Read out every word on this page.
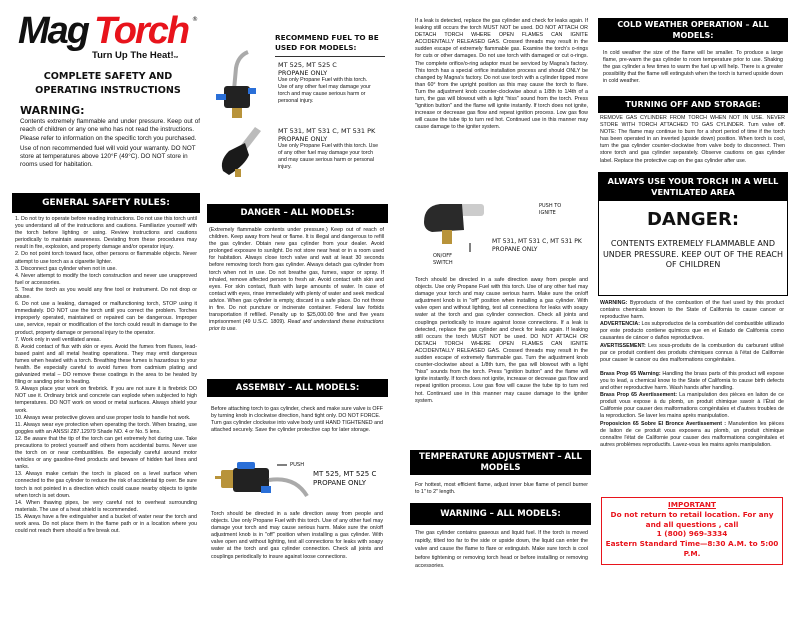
Mag Torch ®
Turn Up The Heat!TM
COMPLETE SAFETY AND OPERATING INSTRUCTIONS
WARNING:

Contents extremely flammable and under pressure. Keep out of reach of children or any one who has not read the instructions.

Please refer to information on the specific torch you purchased.

Use of non recommended fuel will void your warranty. DO NOT store at temperatures above 120°F (49°C). DO NOT store in rooms used for habitation.

GENERAL SAFETY RULES:

1. Do not try to operate before reading instructions. Do not use this torch until you understand all of the instructions and cautions. Familiarize yourself with the torch before lighting or using. Review instructions and cautions periodically to maintain awareness. Deviating from these procedures may result in fire, explosion, and property damage and/or operator injury.

2. Do not point torch toward face, other persons or flammable objects. Never attempt to use torch as a cigarette lighter.

3. Disconnect gas cylinder when not in use.

4. Never attempt to modify the torch construction and never use unapproved fuel or accessories.

5. Treat the torch as you would any fine tool or instrument. Do not drop or abuse.

6. Do not use a leaking, damaged or malfunctioning torch, STOP using it immediately. DO NOT use the torch until you correct the problem. Torches improperly operated, maintained or repaired can be dangerous. Improper use, service, repair or modification of the torch could result in damage to the product, property damage or personal injury to the operator.

7. Work only in well ventilated areas.

8. Avoid contact of flux with skin or eyes. Avoid the fumes from fluxes, lead-based paint and all metal heating operations. They may emit dangerous fumes when heated with a torch. Breathing these fumes is hazardous to your health. Be especially careful to avoid fumes from cadmium plating and galvanized metal – DO remove these coatings in the area to be heated by filing or sanding prior to heating.

9. Always place your work on firebrick. If you are not sure it is firebrick DO NOT use it. Ordinary brick and concrete can explode when subjected to high temperatures. DO NOT work on wood or metal surfaces. Always shield your work.

10. Always wear protective gloves and use proper tools to handle hot work.

11. Always wear eye protection when operating the torch. When brazing, use goggles with an ANSSI Z87.12979 Shade NO. 4 or No. 5 lens.

12. Be aware that the tip of the torch can get extremely hot during use. Take precautions to protect yourself and others from accidental burns. Never use the torch on or near combustibles. Be especially careful around motor vehicles or any gasoline-fired products and beware of hidden fuel lines and tanks.

13. Always make certain the torch is placed on a level surface when connected to the gas cylinder to reduce the risk of accidental tip over. Be sure torch is not pointed in a direction which could cause nearby objects to ignite when torch is set down.

14. When thawing pipes, be very careful not to overheat surrounding materials. The use of a heat shield is recommended.

15. Always have a fire extinguisher and a bucket of water near the torch and work area. Do not place them in the flame path or in a location where you could not reach them should a fire break out.

RECOMMEND FUEL TO BE USED FOR MODELS:
MT 525, MT 525 C
PROPANE ONLY
Use only Propane Fuel with this torch. Use of any other fuel may damage your torch and may cause serious harm or personal injury.
MT 531, MT 531 C, MT 531 PK
PROPANE ONLY
Use only Propane Fuel with this torch. Use of any other fuel may damage your torch and may cause serious harm or personal injury.
DANGER – ALL MODELS:
(Extremely flammable contents under pressure.) Keep out of reach of children. Keep away from heat or flame. It is illegal and dangerous to refill the gas cylinder. Obtain new gas cylinder from your dealer. Avoid prolonged exposure to sunlight. Do not store near heat or in a room used for habitation. Always close torch valve and wait at least 30 seconds before removing torch from gas cylinder. Always detach gas cylinder from torch when not in use. Do not breathe gas, fumes, vapor or spray. If inhaled, remove affected person to fresh air. Avoid contact with skin and eyes. For skin contact, flush with large amounts of water. In case of contact with eyes, rinse immediately with plenty of water and seek medical advice. When gas cylinder is empty, discard in a safe place. Do not throw in fire. Do not puncture or incinerate container. Federal law forbids transportation if refilled. Penalty up to $25,000.00 fine and five years imprisonment (49 U.S.C. 1809). Read and understand these instructions prior to use.
ASSEMBLY – ALL MODELS:

Before attaching torch to gas cylinder, check and make sure valve is OFF by turning knob in clockwise direction, hand tight only. DO NOT FORCE.

Turn gas cylinder clockwise into valve body until HAND TIGHTENED and attached securely. Save the cylinder protective cap for later storage.

PUSH
MT 525, MT 525 C
PROPANE ONLY
Torch should be directed in a safe direction away from people and objects. Use only Propane Fuel with this torch. Use of any other fuel may damage your torch and may cause serious harm. Make sure the on/off adjustment knob is in "off" position when installing a gas cylinder. With valve open and without lighting, test all connections for leaks with soapy water at the torch and gas cylinder connection. Check all joints and couplings periodically to insure against loose connections.
If a leak is detected, replace the gas cylinder and check for leaks again. If leaking still occurs the torch MUST NOT be used. DO NOT ATTACH OR DETACH TORCH WHERE OPEN FLAMES CAN IGNITE ACCIDENTALLY RELEASED GAS. Crossed threads may result in the sudden escape of extremely flammable gas. Examine the torch's o-rings for cuts or other damages. Do not use torch with damaged or cut o-rings. The complete orifice/o-ring adaptor must be serviced by Magna's factory. This torch has a special orifice installation process and should ONLY be changed by Magna's factory. Do not use torch with a cylinder tipped more than 60° from the upright position as this may cause the torch to flare. Turn the adjustment knob counter-clockwise about a 1/8th to 1/4th of a turn, the gas will blowout with a light "hiss" sound from the torch. Press "ignition button" and the flame will ignite instantly. If torch does not ignite, increase or decrease gas flow and repeat ignition process. Low gas flow will cause the tube tip to turn red hot. Continued use in this manner may cause damage to the igniter system.
PUSH TO IGNITE
ON/OFF SWITCH
MT 531, MT 531 C, MT 531 PK
PROPANE ONLY
Torch should be directed in a safe direction away from people and objects. Use only Propane Fuel with this torch. Use of any other fuel may damage your torch and may cause serious harm. Make sure the on/off adjustment knob is in "off" position when installing a gas cylinder. With valve open and without lighting, test all connections for leaks with soapy water at the torch and gas cylinder connection. Check all joints and couplings periodically to insure against loose connections. If a leak is detected, replace the gas cylinder and check for leaks again. If leaking still occurs the torch MUST NOT be used. DO NOT ATTACH OR DETACH TORCH WHERE OPEN FLAMES CAN IGNITE ACCIDENTALLY RELEASED GAS. Crossed threads may result in the sudden escape of extremely flammable gas. Turn the adjustment knob counter-clockwise about a 1/8th turn, the gas will blowout with a light "hiss" sounds from the torch. Press "ignition button" and the flame will ignite instantly. If torch does not ignite, increase or decrease gas flow and repeat ignition process. Low gas flow will cause the tube tip to turn red hot. Continued use in this manner may cause damage to the igniter system.
TEMPERATURE ADJUSTMENT – ALL MODELS
For hottest, most efficient flame, adjust inner blue flame of pencil burner to 1" to 2" length.
WARNING – ALL MODELS:
The gas cylinder contains gaseous and liquid fuel. If the torch is moved rapidly, tilted too far to the side or upside down, the liquid can enter the valve and cause the flame to flare or extinguish. Make sure torch is cool before tightening or removing torch head or before installing or removing accessories.
COLD WEATHER OPERATION – ALL MODELS:
In cold weather the size of the flame will be smaller. To produce a large flame, pre-warm the gas cylinder to room temperature prior to use. Shaking the gas cylinder a few times to warm the fuel up will help. There is a greater possibility that the flame will extinguish when the torch is turned upside down in cold weather.
TURNING OFF AND STORAGE:
REMOVE GAS CYLINDER FROM TORCH WHEN NOT IN USE. NEVER STORE WITH TORCH ATTACHED TO GAS CYLINDER. Turn valve off. NOTE: The flame may continue to burn for a short period of time if the torch has been operated in an inverted (upside down) position. When torch is cool, turn the gas cylinder counter-clockwise from valve body to disconnect. Then store torch and gas cylinder separately. Observe cautions on gas cylinder label. Replace the protective cap on the gas cylinder after use.
ALWAYS USE YOUR TORCH IN A WELL VENTILATED AREA
DANGER:
CONTENTS EXTREMELY FLAMMABLE AND UNDER PRESSURE. KEEP OUT OF THE REACH OF CHILDREN

WARNING: Byproducts of the combustion of the fuel used by this product contains chemicals known to the State of California to cause cancer or reproductive harm.

ADVERTENCIA: Los subproductos de la combustión del combustible utilizado por este producto contiene químicos que en el Estado de California como causantes de cáncer o daños reproductivos.

AVERTISSEMENT: Les sous-produits de la combustion du carburant utilisé par ce produit contient des produits chimiques connus à l'état de Californie pour causer le cancer ou des malformations congénitales.

Brass Prop 65 Warning: Handling the brass parts of this product will expose you to lead, a chemical know to the State of California to cause birth defects and other reproductive harm. Wash hands after handling.

Brass Prop 65 Avertissement: La manipulation des pièces en laiton de ce produit vous expose à du plomb, un produit chimique savoir à l'État de Californie pour causer des malformations congénitales et d'autres troubles de la reproduction. Se laver les mains après manipulation.

Proposicion 65 Sobre El Bronce Avertissement : Manutention les pièces de laiton de ce produit vous exposera au plomb, un produit chimique connaître l'état de Californie pour causer des malformations congénitales et autres problèmes reproductifs. Lavez-vous les mains après manipulation.

IMPORTANT
Do not return to retail location. For any and all questions , call
1 (800) 969-3334
Eastern Standard Time—8:30 A.M. to 5:00 P.M.
